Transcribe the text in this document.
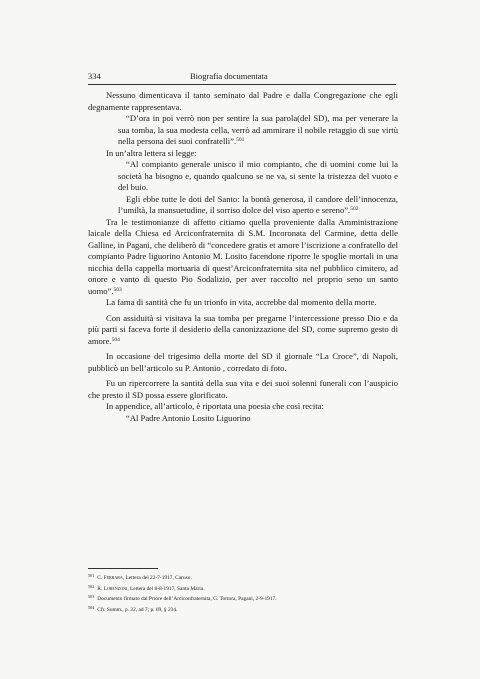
334	Biografia documentata

Nessuno dimenticava il tanto seminato dal Padre e dalla Congregazione che egli degnamente rappresentava.

“D’ora in poi verrò non per sentire la sua parola(del SD), ma per venerare la sua tomba, la sua modesta cella, verrò ad ammirare il nobile retaggio di sue virtù nella persona dei suoi confratelli”.$^{501}$

In un’altra lettera si legge:

“Al compianto generale unisco il mio compianto, che di uomini come lui la società ha bisogno e, quando qualcuno se ne va, si sente la tristezza del vuoto e del buio.

Egli ebbe tutte le doti del Santo: la bontà generosa, il candore dell’innocenza, l’umiltà, la mansuetudine, il sorriso dolce del viso aperto e sereno”.$^{502}$

Tra le testimonianze di affetto citiamo quella proveniente dalla Amministrazione laicale della Chiesa ed Arciconfraternita di S.M. Incoronata del Carmine, detta delle Galline, in Pagani, che deliberò di “concedere gratis et amore l’iscrizione a confratello del compianto Padre liguorino Antonio M. Losito facendone riporre le spoglie mortali in una nicchia della cappella mortuaria di quest’Arciconfraternita sita nel pubblico cimitero, ad onore e vanto di questo Pio Sodalizio, per aver raccolto nel proprio seno un santo uomo”.$^{503}$

La fama di santità che fu un trionfo in vita, accrebbe dal momento della morte.

Con assiduità si visitava la sua tomba per pregarne l’intercessione presso Dio e da più parti si faceva forte il desiderio della canonizzazione del SD, come supremo gesto di amore.$^{504}$

In occasione del trigesimo della morte del SD il giornale “La Croce”, di Napoli, pubblicò un bell’articolo su P. Antonio , corredato di foto.

Fu un ripercorrere la santità della sua vita e dei suoi solenni funerali con l’auspicio che presto il SD possa essere glorificato.

In appendice, all’articolo, è riportata una poesia che così recita:

“Al Padre Antonio Losito Liguorino

$^{501}$ C. Ferrara, Lettera del 22-7-1917, Caruso.
$^{502}$ R. Lorenzoni, Lettera del 8-8-1917, Santa Maria.
$^{503}$ Documento firmato dal Priore dell’Arciconfraternita, G. Tortora, Pagani, 2-9-1917.
$^{504}$ Cfr. Summ., p. 22, ad 7; p. 69, § 234.
